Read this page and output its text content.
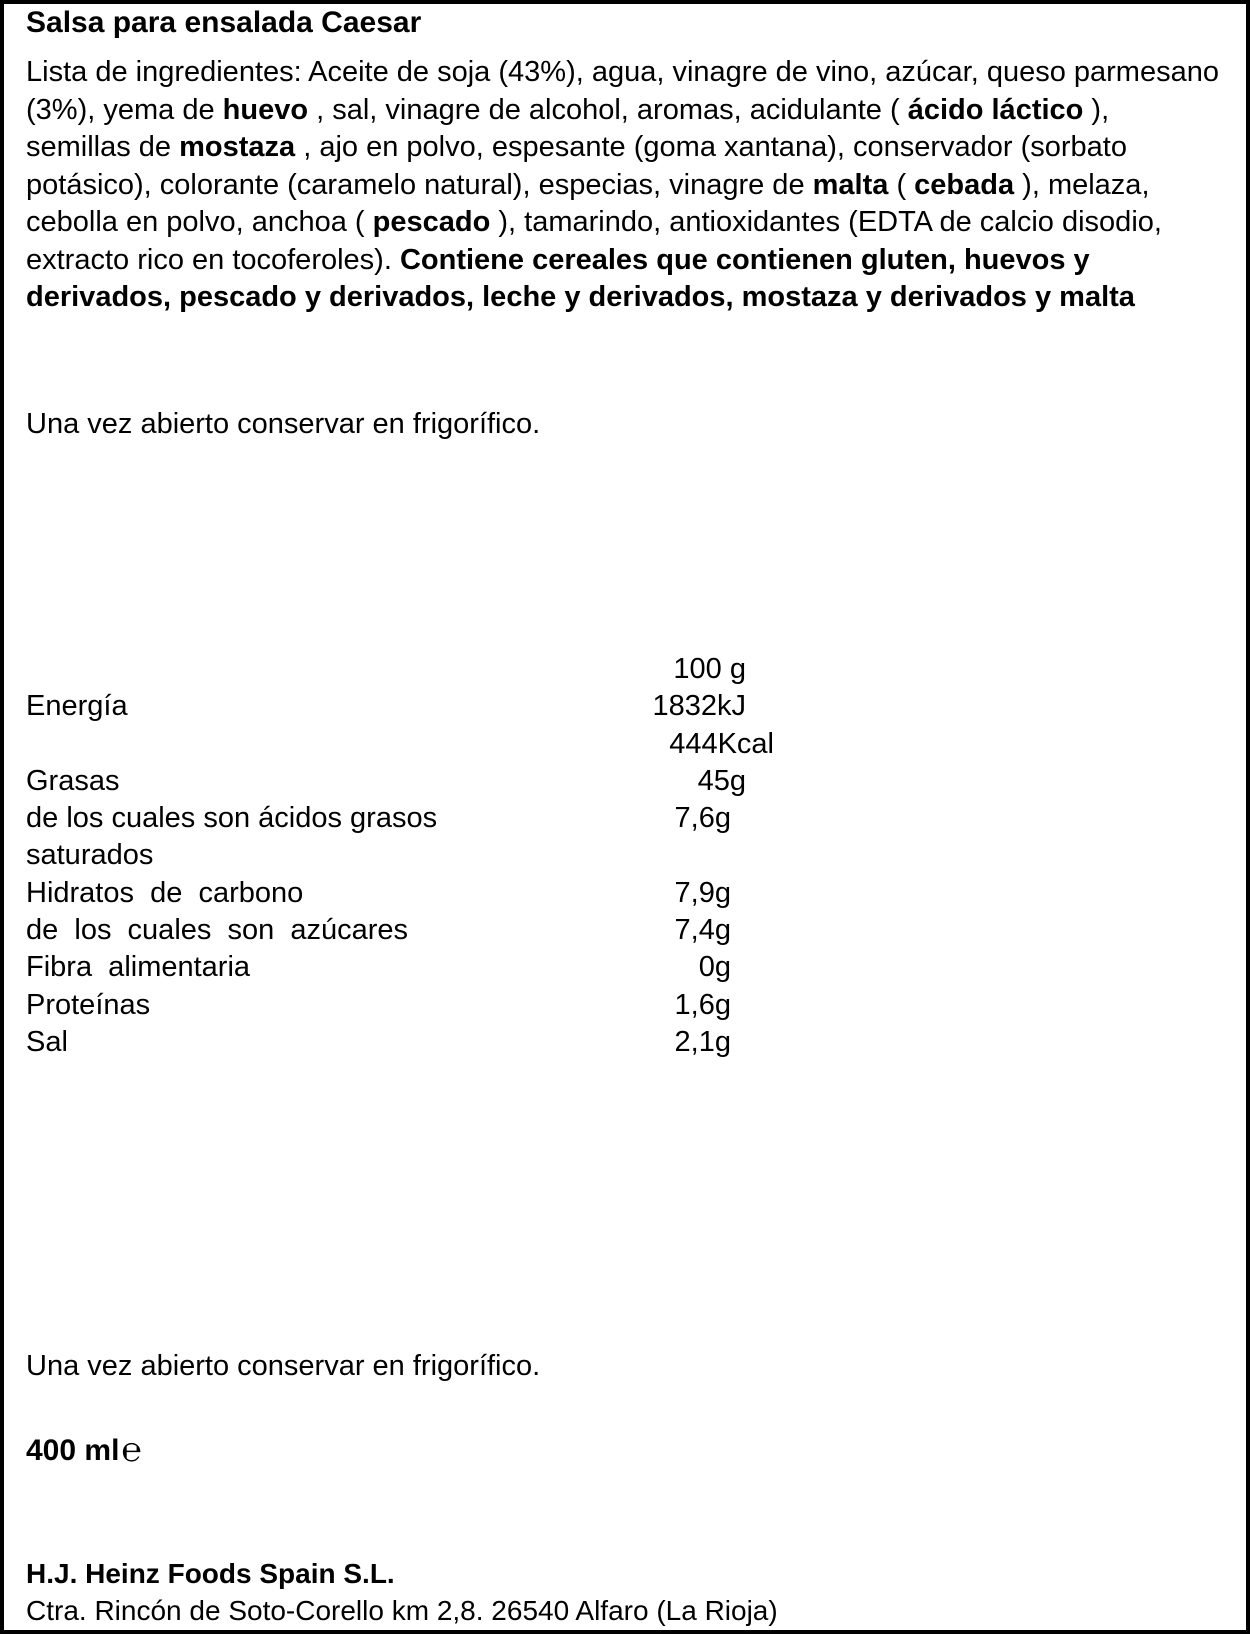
Salsa para ensalada Caesar
Lista de ingredientes: Aceite de soja (43%), agua, vinagre de vino, azúcar, queso parmesano (3%), yema de huevo , sal, vinagre de alcohol, aromas, acidulante ( ácido láctico ), semillas de mostaza , ajo en polvo, espesante (goma xantana), conservador (sorbato potásico), colorante (caramelo natural), especias, vinagre de malta ( cebada ), melaza, cebolla en polvo, anchoa ( pescado ), tamarindo, antioxidantes (EDTA de calcio disodio, extracto rico en tocoferoles). Contiene cereales que contienen gluten, huevos y derivados, pescado y derivados, leche y derivados, mostaza y derivados y malta
Una vez abierto conservar en frigorífico.
100 g
Energía	1832kJ
444Kcal
Grasas	45g
de los cuales son ácidos grasos	7,6g
saturados
Hidratos  de  carbono	7,9g
de  los  cuales  son  azúcares	7,4g
Fibra  alimentaria	0g
Proteínas	1,6g
Sal	2,1g
Una vez abierto conservar en frigorífico.
400 ml℮
H.J. Heinz Foods Spain S.L.
Ctra. Rincón de Soto-Corello km 2,8. 26540 Alfaro (La Rioja)
